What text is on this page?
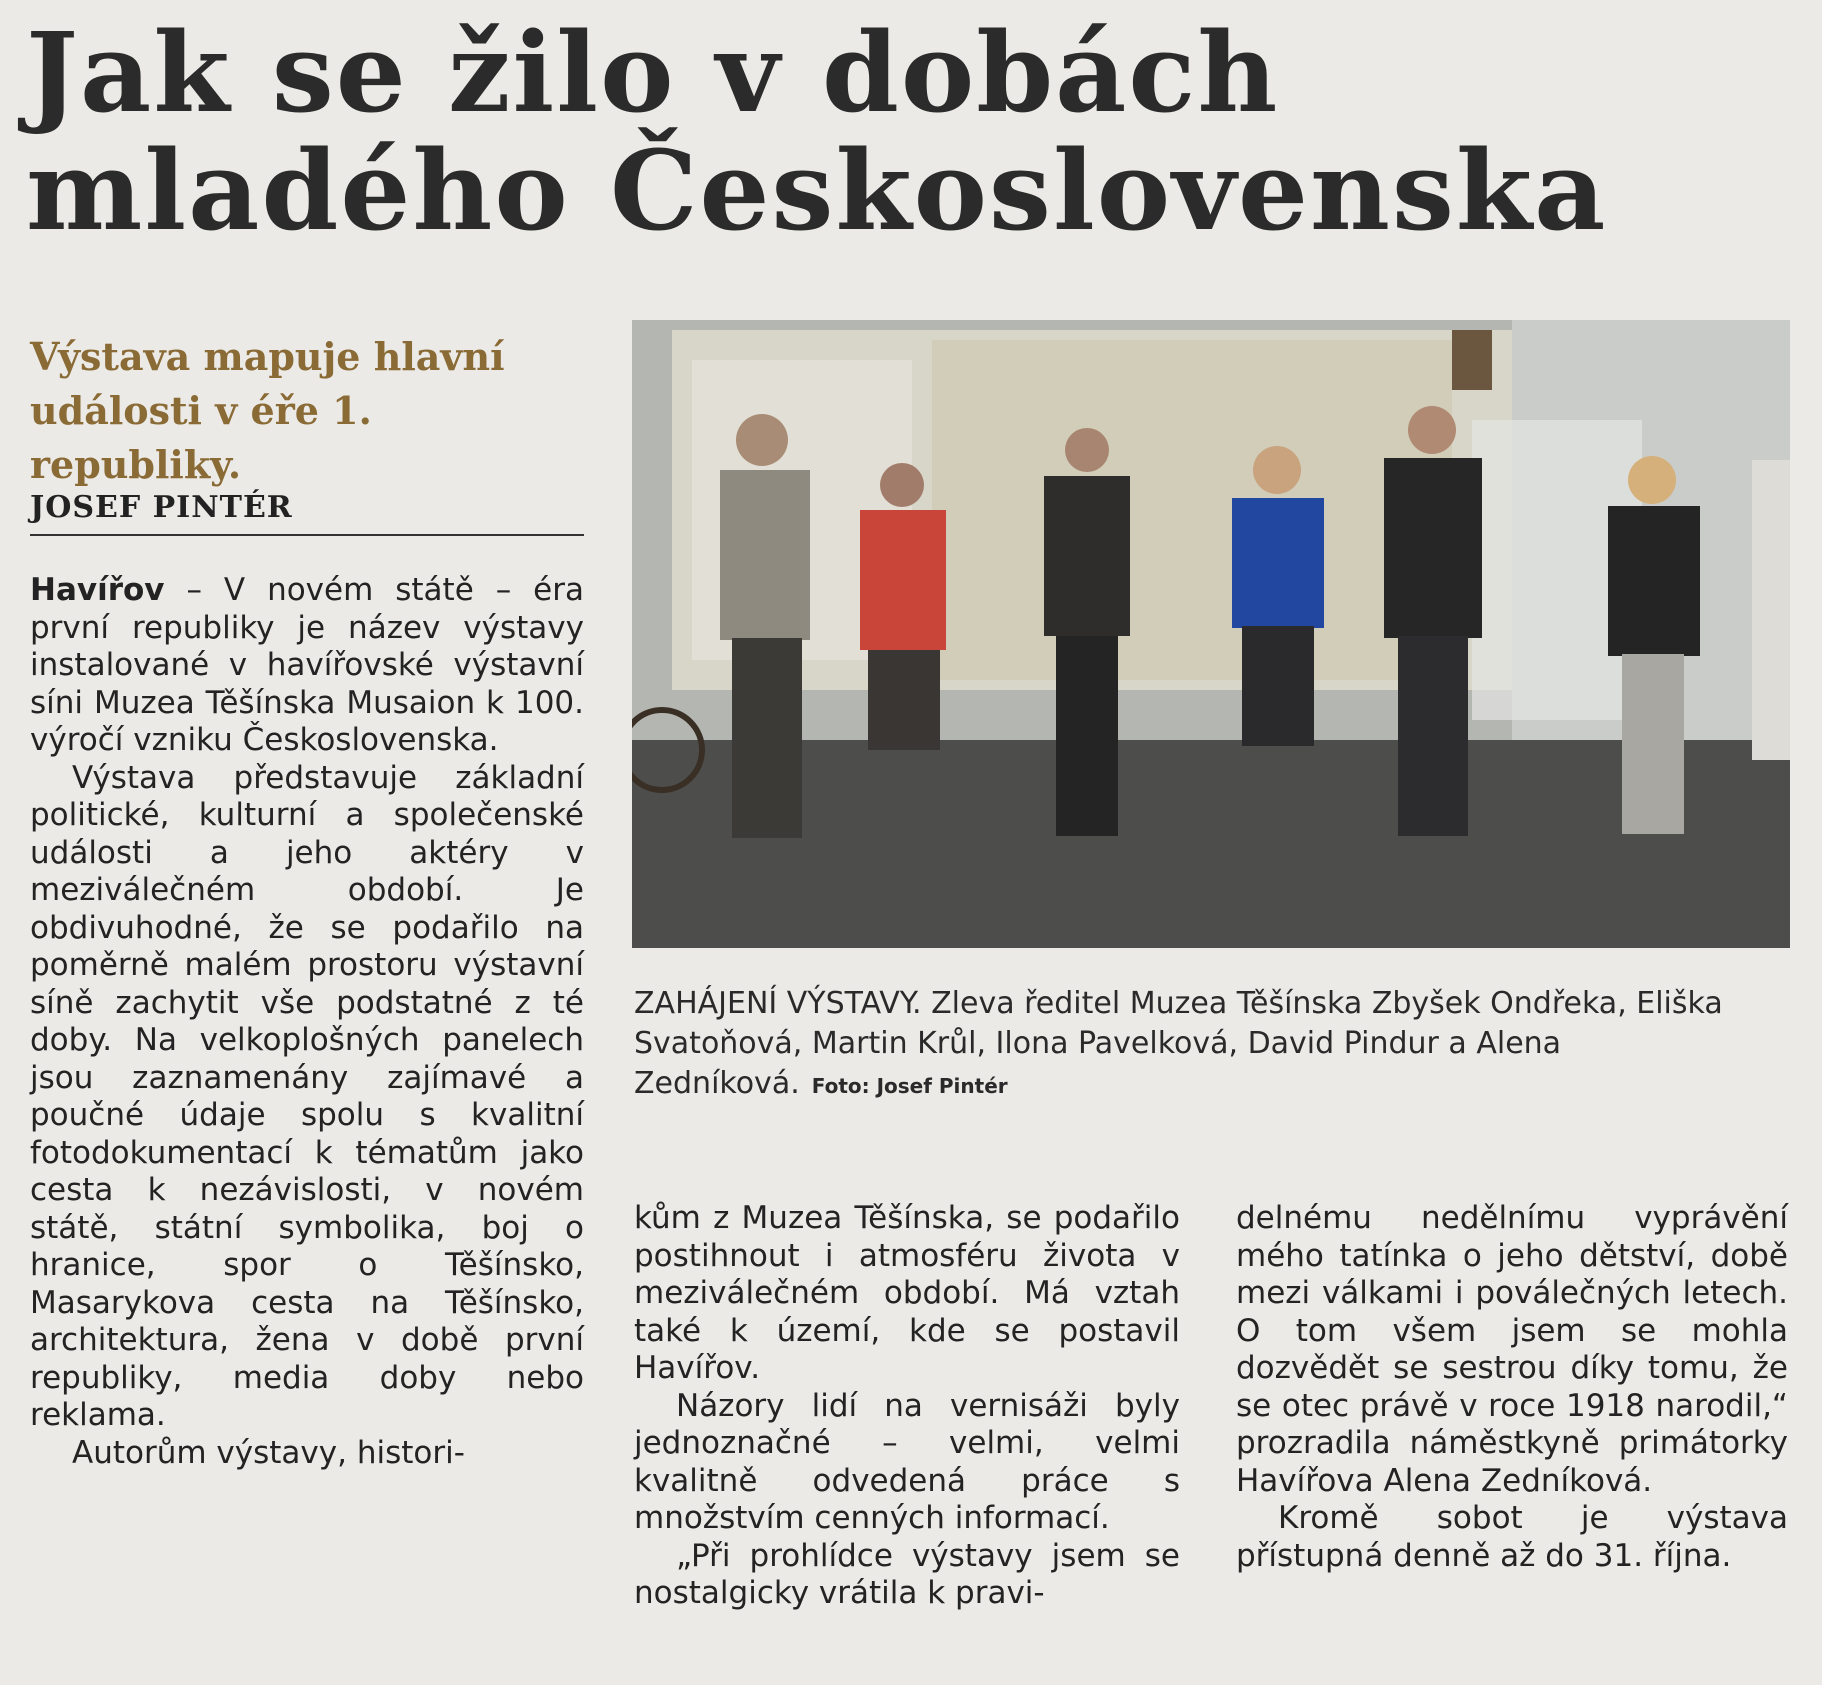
Jak se žilo v dobách
mladého Československa
Výstava mapuje hlavní
události v éře 1. republiky.
JOSEF PINTÉR

Havířov – V novém státě – éra první republiky je název výstavy instalované v havířovské výstavní síni Muzea Těšínska Musaion k 100. výročí vzniku Československa.

Výstava představuje základní politické, kulturní a společenské události a jeho aktéry v meziválečném období. Je obdivuhodné, že se podařilo na poměrně malém prostoru výstavní síně zachytit vše podstatné z té doby. Na velkoplošných panelech jsou zaznamenány zajímavé a poučné údaje spolu s kvalitní fotodokumentací k tématům jako cesta k nezávislosti, v novém státě, státní symbolika, boj o hranice, spor o Těšínsko, Masarykova cesta na Těšínsko, architektura, žena v době první republiky, media doby nebo reklama.

Autorům výstavy, histori-

ZAHÁJENÍ VÝSTAVY. Zleva ředitel Muzea Těšínska Zbyšek Ondřeka, Eliška Svatoňová, Martin Krůl, Ilona Pavelková, David Pindur a Alena Zedníková. Foto: Josef Pintér

kům z Muzea Těšínska, se podařilo postihnout i atmosféru života v meziválečném období. Má vztah také k území, kde se postavil Havířov.

Názory lidí na vernisáži byly jednoznačné – velmi, velmi kvalitně odvedená práce s množstvím cenných informací.

„Při prohlídce výstavy jsem se nostalgicky vrátila k pravi-

delnému nedělnímu vyprávění mého tatínka o jeho dětství, době mezi válkami i poválečných letech. O tom všem jsem se mohla dozvědět se sestrou díky tomu, že se otec právě v roce 1918 narodil,“ prozradila náměstkyně primátorky Havířova Alena Zedníková.

Kromě sobot je výstava přístupná denně až do 31. října.
